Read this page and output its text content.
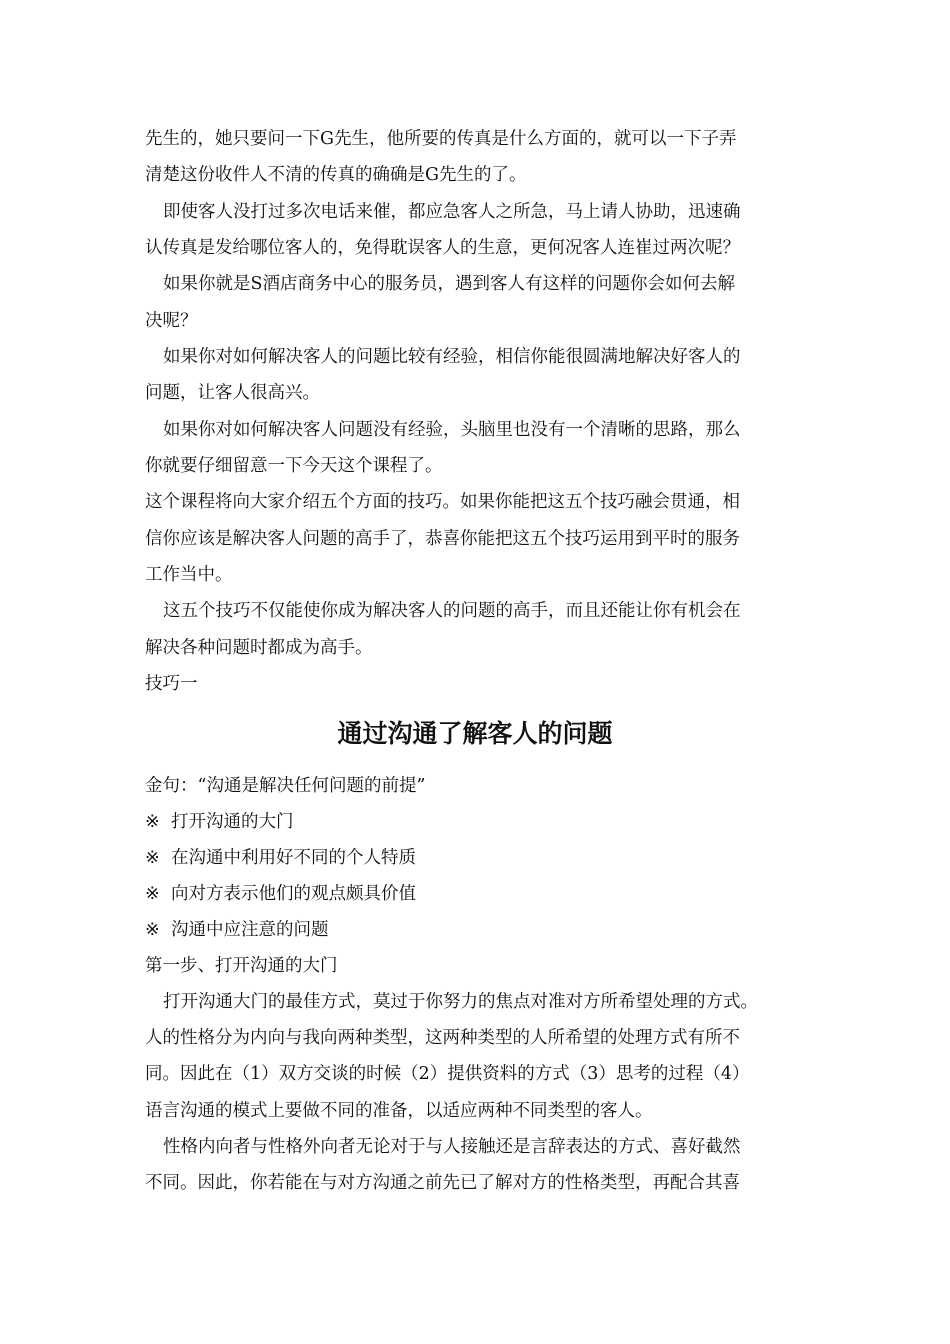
先生的，她只要问一下G先生，他所要的传真是什么方面的，就可以一下子弄

清楚这份收件人不清的传真的确确是G先生的了。

即使客人没打过多次电话来催，都应急客人之所急，马上请人协助，迅速确

认传真是发给哪位客人的，免得耽误客人的生意，更何况客人连崔过两次呢？

如果你就是S酒店商务中心的服务员，遇到客人有这样的问题你会如何去解

决呢？

如果你对如何解决客人的问题比较有经验，相信你能很圆满地解决好客人的

问题，让客人很高兴。

如果你对如何解决客人问题没有经验，头脑里也没有一个清晰的思路，那么

你就要仔细留意一下今天这个课程了。

这个课程将向大家介绍五个方面的技巧。如果你能把这五个技巧融会贯通，相

信你应该是解决客人问题的高手了，恭喜你能把这五个技巧运用到平时的服务

工作当中。

这五个技巧不仅能使你成为解决客人的问题的高手，而且还能让你有机会在

解决各种问题时都成为高手。

技巧一

通过沟通了解客人的问题

金句：“沟通是解决任何问题的前提”

※ 打开沟通的大门

※ 在沟通中利用好不同的个人特质

※ 向对方表示他们的观点颇具价值

※ 沟通中应注意的问题

第一步、打开沟通的大门

打开沟通大门的最佳方式，莫过于你努力的焦点对准对方所希望处理的方式。

人的性格分为内向与我向两种类型，这两种类型的人所希望的处理方式有所不

同。因此在（1）双方交谈的时候（2）提供资料的方式（3）思考的过程（4）

语言沟通的模式上要做不同的准备，以适应两种不同类型的客人。

性格内向者与性格外向者无论对于与人接触还是言辞表达的方式、喜好截然

不同。因此，你若能在与对方沟通之前先已了解对方的性格类型，再配合其喜
